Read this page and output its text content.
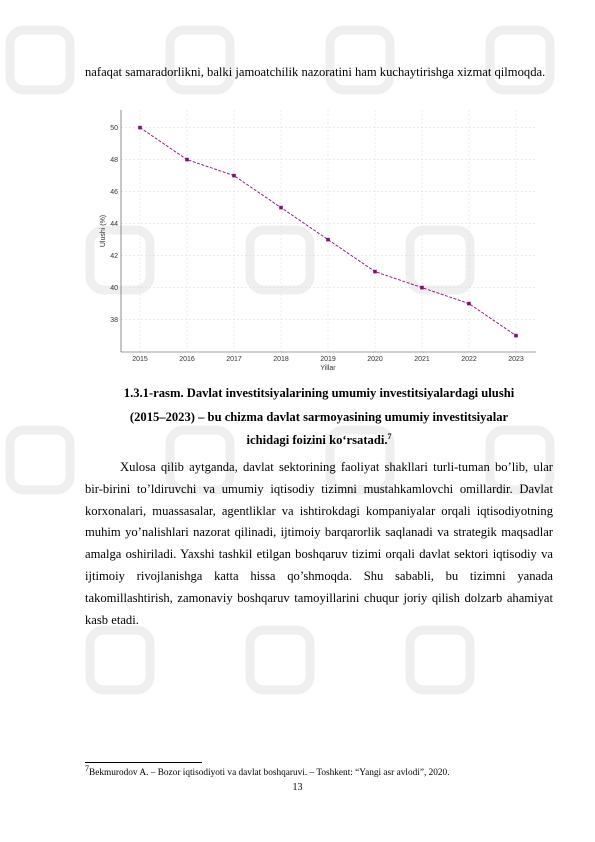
nafaqat samaradorlikni, balki jamoatchilik nazoratini ham kuchaytirishga xizmat qilmoqda.

38
40
42
44
46
48
50
2015	2016	2017	2018	2019	2020	2021	2022	2023
Yillar
Ulushi (%)
1.3.1-rasm. Davlat investitsiyalarining umumiy investitsiyalardagi ulushi
(2015–2023) – bu chizma davlat sarmoyasining umumiy investitsiyalar
ichidagi foizini ko‘rsatadi.$^7$

Xulosa qilib aytganda, davlat sektorining faoliyat shakllari turli-tuman bo’lib, ular bir-birini to’ldiruvchi va umumiy iqtisodiy tizimni mustahkamlovchi omillardir. Davlat korxonalari, muassasalar, agentliklar va ishtirokdagi kompaniyalar orqali iqtisodiyotning muhim yo’nalishlari nazorat qilinadi, ijtimoiy barqarorlik saqlanadi va strategik maqsadlar amalga oshiriladi. Yaxshi tashkil etilgan boshqaruv tizimi orqali davlat sektori iqtisodiy va ijtimoiy rivojlanishga katta hissa qo’shmoqda. Shu sababli, bu tizimni yanada takomillashtirish, zamonaviy boshqaruv tamoyillarini chuqur joriy qilish dolzarb ahamiyat kasb etadi.

$^7$Bekmurodov A. – Bozor iqtisodiyoti va davlat boshqaruvi. – Toshkent: “Yangi asr avlodi”, 2020.
13
